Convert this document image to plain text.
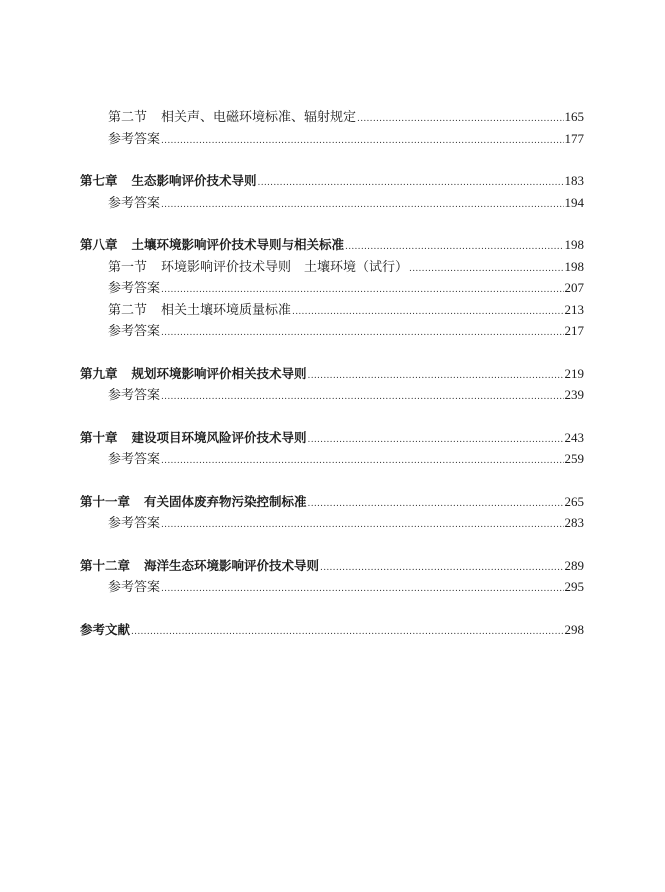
第二节 相关声、电磁环境标准、辐射规定 .....	165
参考答案 .....	177
第七章 生态影响评价技术导则 .....	183
参考答案 .....	194
第八章 土壤环境影响评价技术导则与相关标准 .....	198
第一节 环境影响评价技术导则　土壤环境（试行） .....	198
参考答案 .....	207
第二节 相关土壤环境质量标准 .....	213
参考答案 .....	217
第九章 规划环境影响评价相关技术导则 .....	219
参考答案 .....	239
第十章 建设项目环境风险评价技术导则 .....	243
参考答案 .....	259
第十一章 有关固体废弃物污染控制标准 .....	265
参考答案 .....	283
第十二章 海洋生态环境影响评价技术导则 .....	289
参考答案 .....	295
参考文献 .....	298
